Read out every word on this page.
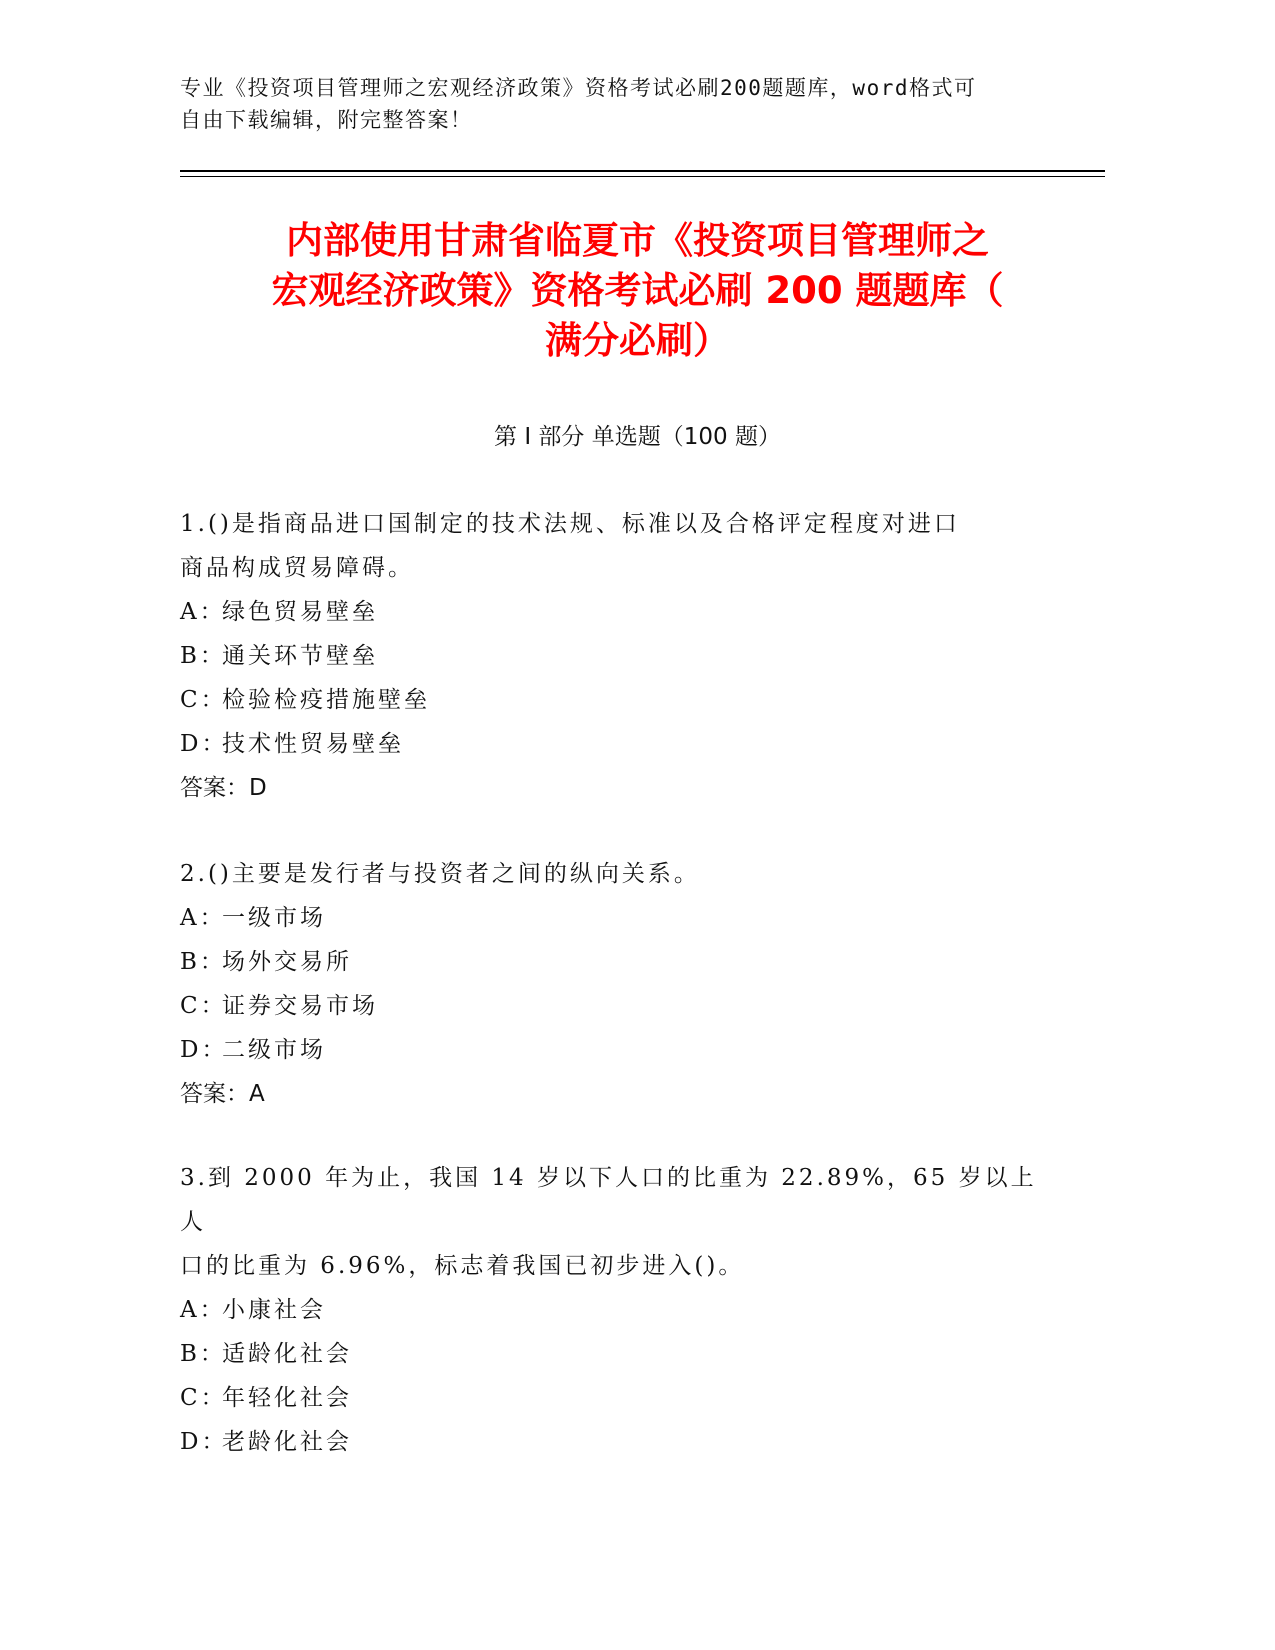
专业《投资项目管理师之宏观经济政策》资格考试必刷200题题库，word格式可
自由下载编辑，附完整答案！
内部使用甘肃省临夏市《投资项目管理师之
宏观经济政策》资格考试必刷 200 题题库（
满分必刷）
第 I 部分 单选题（100 题）
1.()是指商品进口国制定的技术法规、标准以及合格评定程度对进口
商品构成贸易障碍。
A：
绿色贸易壁垒
B：
通关环节壁垒
C：
检验检疫措施壁垒
D：
技术性贸易壁垒
答案：D
2.()主要是发行者与投资者之间的纵向关系。
A：
一级市场
B：
场外交易所
C：
证券交易市场
D：
二级市场
答案：A
3.到 2000 年为止，我国 14 岁以下人口的比重为 22.89%，65 岁以上人
口的比重为 6.96%，标志着我国已初步进入()。
A：
小康社会
B：
适龄化社会
C：
年轻化社会
D：
老龄化社会
